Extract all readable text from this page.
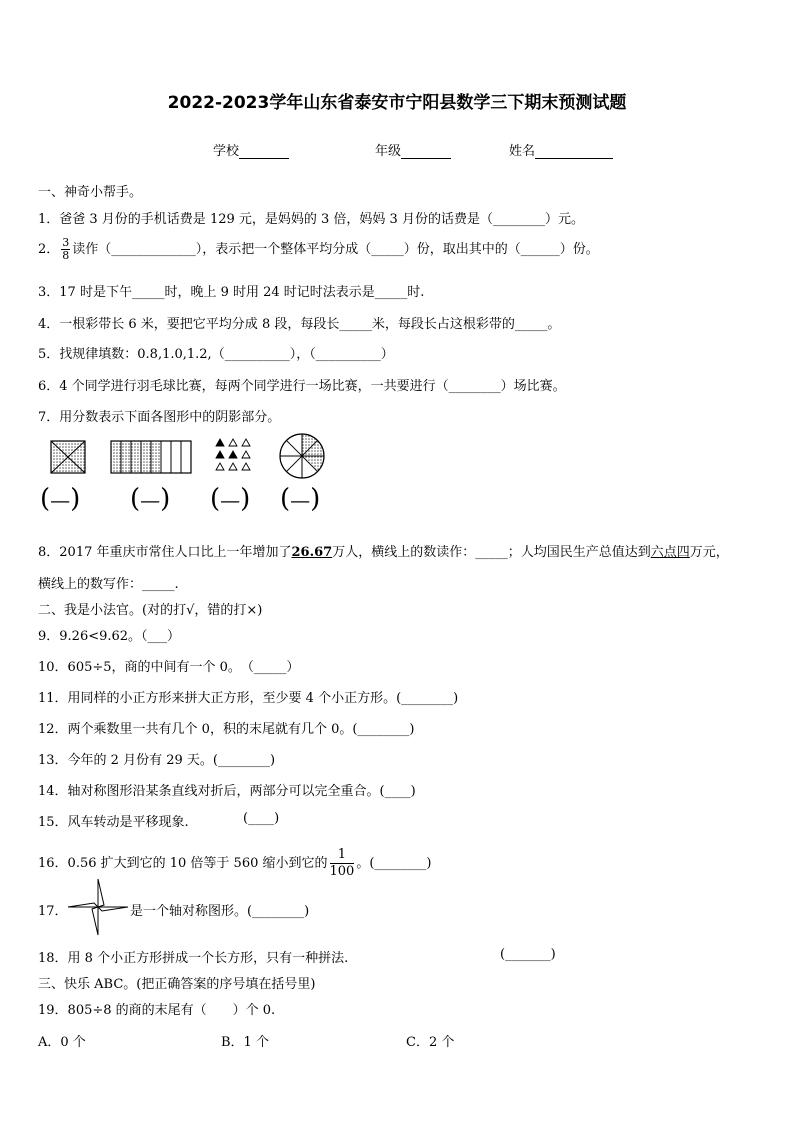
2022-2023学年山东省泰安市宁阳县数学三下期末预测试题
学校	年级	姓名
一、神奇小帮手。
1．爸爸 3 月份的手机话费是 129 元，是妈妈的 3 倍，妈妈 3 月份的话费是（________）元。
2． $\frac{3}{8}$ 读作（_____________），表示把一个整体平均分成（_____）份，取出其中的（______）份。
3．17 时是下午_____时，晚上 9 时用 24 时记时法表示是_____时.
4．一根彩带长 6 米，要把它平均分成 8 段，每段长_____米，每段长占这根彩带的_____。
5．找规律填数：0.8,1.0,1.2,（__________），（__________）
6．4 个同学进行羽毛球比赛，每两个同学进行一场比赛，一共要进行（________）场比赛。
7．用分数表示下面各图形中的阴影部分。
(—) (—) (—) (—)
8．2017 年重庆市常住人口比上一年增加了26.67万人，横线上的数读作：_____；人均国民生产总值达到六点四万元，
横线上的数写作：_____.
二、我是小法官。(对的打√，错的打×)
9．9.26<9.62。（___）
10．605÷5，商的中间有一个 0。　（_____）
11．用同样的小正方形来拼大正方形，至少要 4 个小正方形。(________)
12．两个乘数里一共有几个 0，积的末尾就有几个 0。(________)
13．今年的 2 月份有 29 天。(________)
14．轴对称图形沿某条直线对折后，两部分可以完全重合。(____)
15．风车转动是平移现象.	(____)
16．0.56 扩大到它的 10 倍等于 560 缩小到它的 $\frac{1}{100}$ 。(________)
17．	是一个轴对称图形。(________)
18．用 8 个小正方形拼成一个长方形，只有一种拼法.	(_______)
三、快乐 ABC。(把正确答案的序号填在括号里)
19．805÷8 的商的末尾有（　　）个 0.
A．0 个	B．1 个	C．2 个
